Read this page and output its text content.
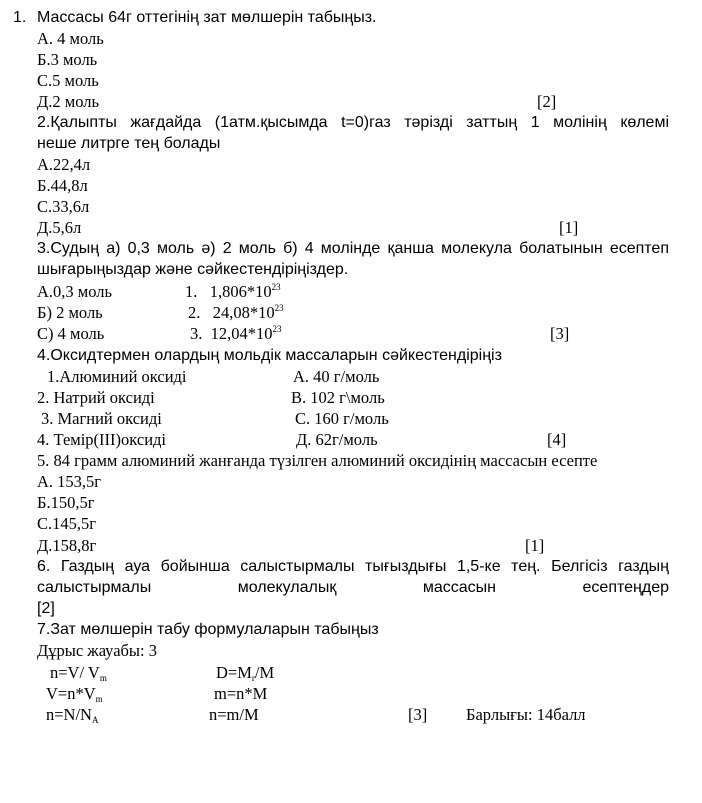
1. Массасы 64г оттегінің зат мөлшерін табыңыз.
А. 4 моль
Б.3 моль
С.5 моль
Д.2 моль	[2]
2.Қалыпты жағдайда (1атм.қысымда t=0)газ тәрізді заттың 1 молінің көлемі
неше литрге тең болады
А.22,4л
Б.44,8л
С.33,6л
Д.5,6л	[1]
3.Судың а) 0,3 моль ә) 2 моль б) 4 молінде қанша молекула болатынын есептеп
шығарыңыздар және сәйкестендіріңіздер.
А.0,3 моль	1. $1,806*10^{23}$
Б) 2 моль	2. $24,08*10^{23}$
С) 4 моль	3. $12,04*10^{23}$	[3]
4.Оксидтермен олардың мольдік массаларын сәйкестендіріңіз
1.Алюминий оксиді	А. 40 г/моль
2. Натрий оксиді	В. 102 г\моль
3. Магний оксиді	С. 160 г/моль
4. Темір(ІІІ)оксиді	Д. 62г/моль	[4]
5. 84 грамм алюминий жанғанда түзілген алюминий оксидінің массасын есепте
А. 153,5г
Б.150,5г
С.145,5г
Д.158,8г	[1]
6. Газдың ауа бойынша салыстырмалы тығыздығы 1,5-ке тең. Белгісіз газдың
салыстырмалы молекулалық массасын есептеңдер
[2]
7.Зат мөлшерін табу формулаларын табыңыз
Дұрыс жауабы: 3
n=V/ $V_m$	$D=M_r/M$
$V=n*V_m$	m=n*M
$n=N/N_A$	n=m/M	[3] Барлығы: 14балл
